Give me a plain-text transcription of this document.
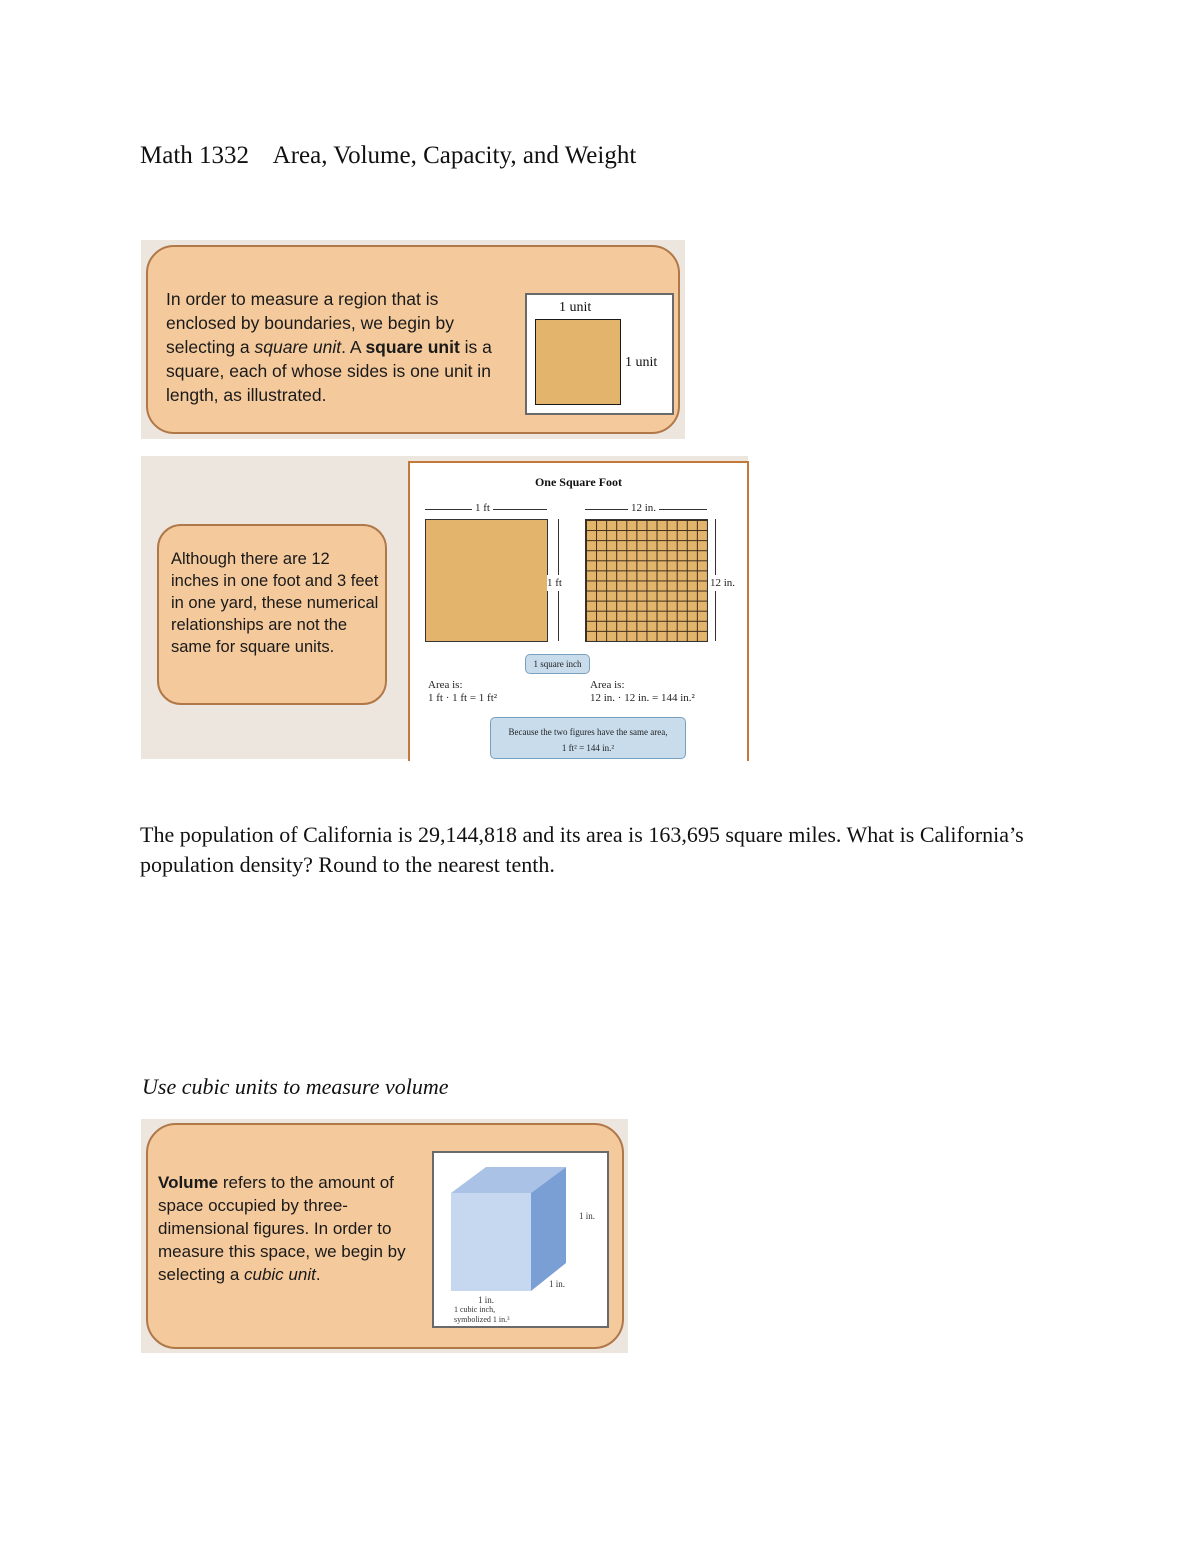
Math 1332    Area, Volume, Capacity, and Weight
In order to measure a region that is enclosed by boundaries, we begin by selecting a square unit. A square unit is a square, each of whose sides is one unit in length, as illustrated.
1 unit
1 unit
Although there are 12 inches in one foot and 3 feet in one yard, these numerical relationships are not the same for square units.
One Square Foot
1 ft
1 ft
12 in.
12 in.
1 square inch
Area is:
1 ft · 1 ft = 1 ft²
Area is:
12 in. · 12 in. = 144 in.²
Because the two figures have the same area,
1 ft² = 144 in.²
The population of California is 29,144,818 and its area is 163,695 square miles. What is California’s population density? Round to the nearest tenth.
Use cubic units to measure volume
Volume refers to the amount of space occupied by three-dimensional figures. In order to measure this space, we begin by selecting a cubic unit.
1 in.
1 in.
1 in.
1 cubic inch,
symbolized 1 in.³
